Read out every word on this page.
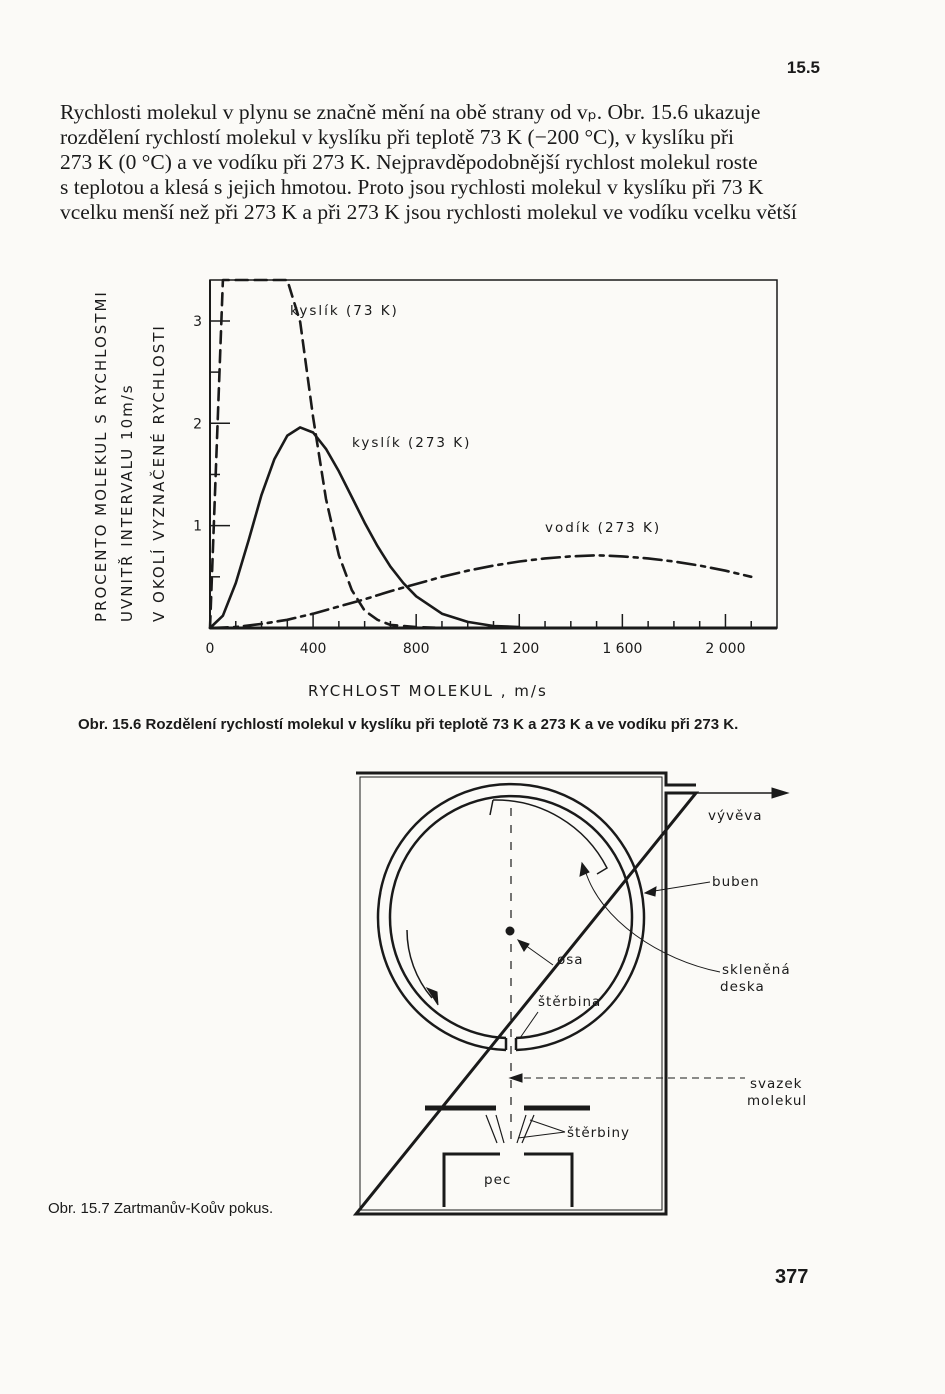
15.5

Rychlosti molekul v plynu se značně mění na obě strany od vₚ. Obr. 15.6 ukazuje

rozdělení rychlostí molekul v kyslíku při teplotě 73 K (−200 °C), v kyslíku při

273 K (0 °C) a ve vodíku při 273 K. Nejpravděpodobnější rychlost molekul roste

s teplotou a klesá s jejich hmotou. Proto jsou rychlosti molekul v kyslíku při 73 K

vcelku menší než při 273 K a při 273 K jsou rychlosti molekul ve vodíku vcelku větší

PROCENTO MOLEKUL S RYCHLOSTMI UVNITŘ INTERVALU 10m/s V OKOLÍ VYZNAČENÉ RYCHLOSTI
0	400	800	1 200	1 600	2 000
1
2
3
kyslík (73 K)
kyslík (273 K)
vodík (273 K)
RYCHLOST MOLEKUL , m/s
Obr. 15.6 Rozdělení rychlostí molekul v kyslíku při teplotě 73 K a 273 K a ve vodíku při 273 K.
vývěva
buben
skleněná
deska
osa
štěrbina
svazek
molekul
štěrbiny
pec
Obr. 15.7 Zartmanův-Koův pokus.
377
